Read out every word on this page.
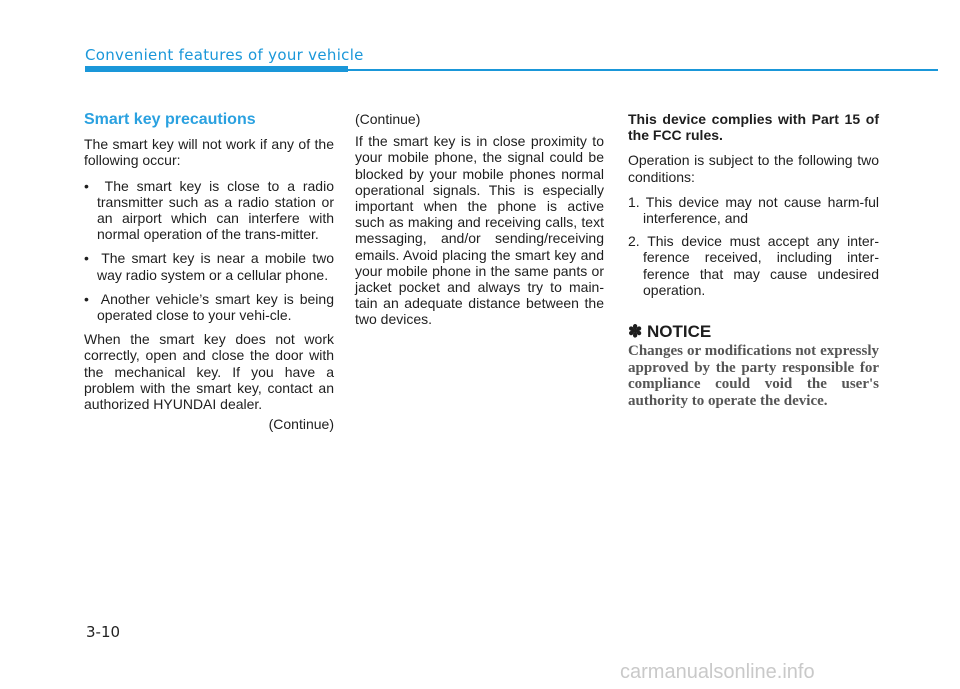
Convenient features of your vehicle
Smart key precautions

The smart key will not work if any of the following occur:

•  The smart key is close to a radio transmitter such as a radio station or an airport which can interfere with normal operation of the trans-mitter.
•  The smart key is near a mobile two way radio system or a cellular phone.
•  Another vehicle’s smart key is being operated close to your vehi-cle.

When the smart key does not work correctly, open and close the door with the mechanical key. If you have a problem with the smart key, contact an authorized HYUNDAI dealer.

(Continue)
(Continue)

If the smart key is in close proximity to your mobile phone, the signal could be blocked by your mobile phones normal operational signals. This is especially important when the phone is active such as making and receiving calls, text messaging, and/or sending/receiving emails. Avoid placing the smart key and your mobile phone in the same pants or jacket pocket and always try to main-tain an adequate distance between the two devices.

This device complies with Part 15 of the FCC rules.

Operation is subject to the following two conditions:

1. This device may not cause harm-ful interference, and
2. This device must accept any inter-ference received, including inter-ference that may cause undesired operation.
✽ NOTICE
Changes or modifications not expressly approved by the party responsible for compliance could void the user's authority to operate the device.
3-10
carmanualsonline.info
